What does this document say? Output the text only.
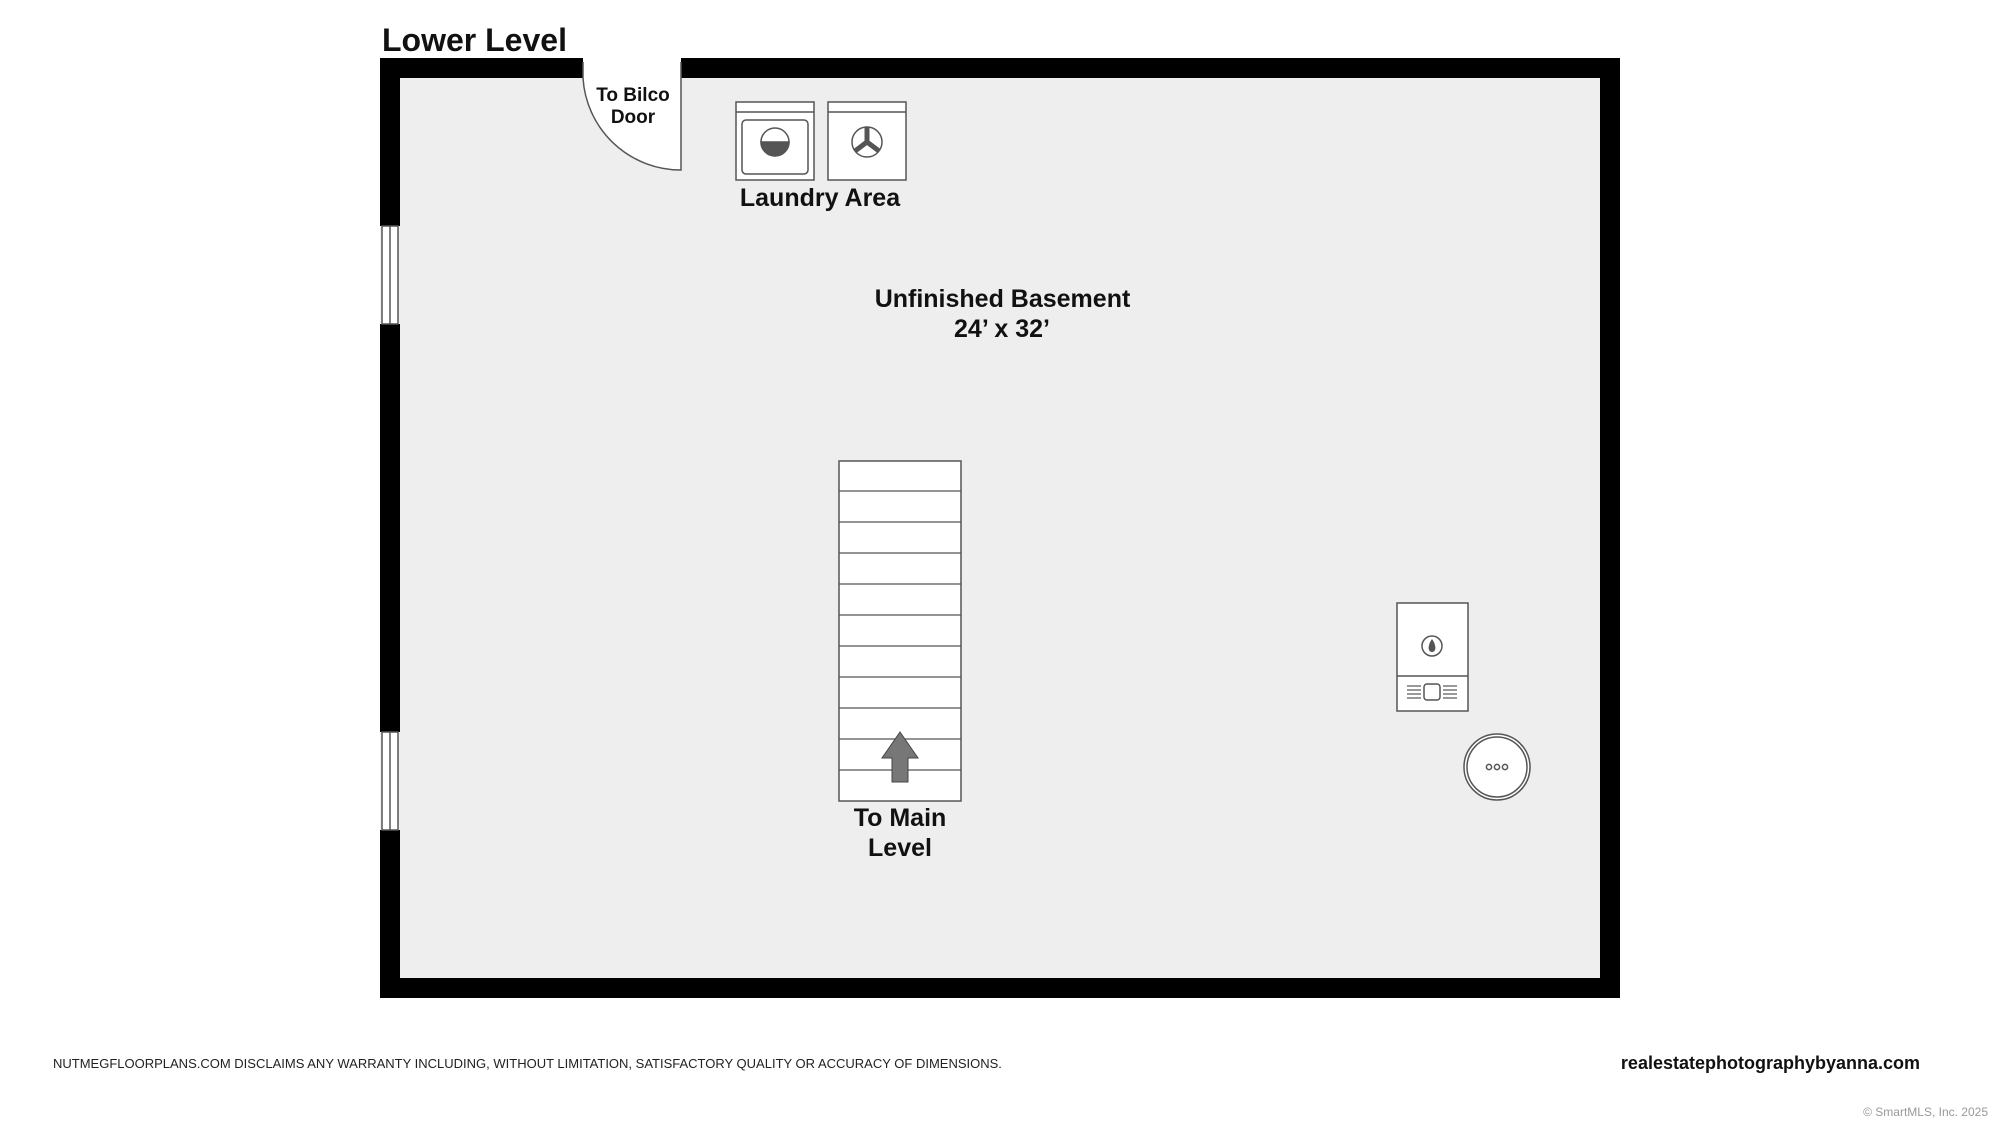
Lower Level
To Bilco
Door
Laundry Area
Unfinished Basement
24’ x 32’
To Main
Level
NUTMEGFLOORPLANS.COM DISCLAIMS ANY WARRANTY INCLUDING, WITHOUT LIMITATION, SATISFACTORY QUALITY OR ACCURACY OF DIMENSIONS.	realestatephotographybyanna.com
© SmartMLS, Inc. 2025
